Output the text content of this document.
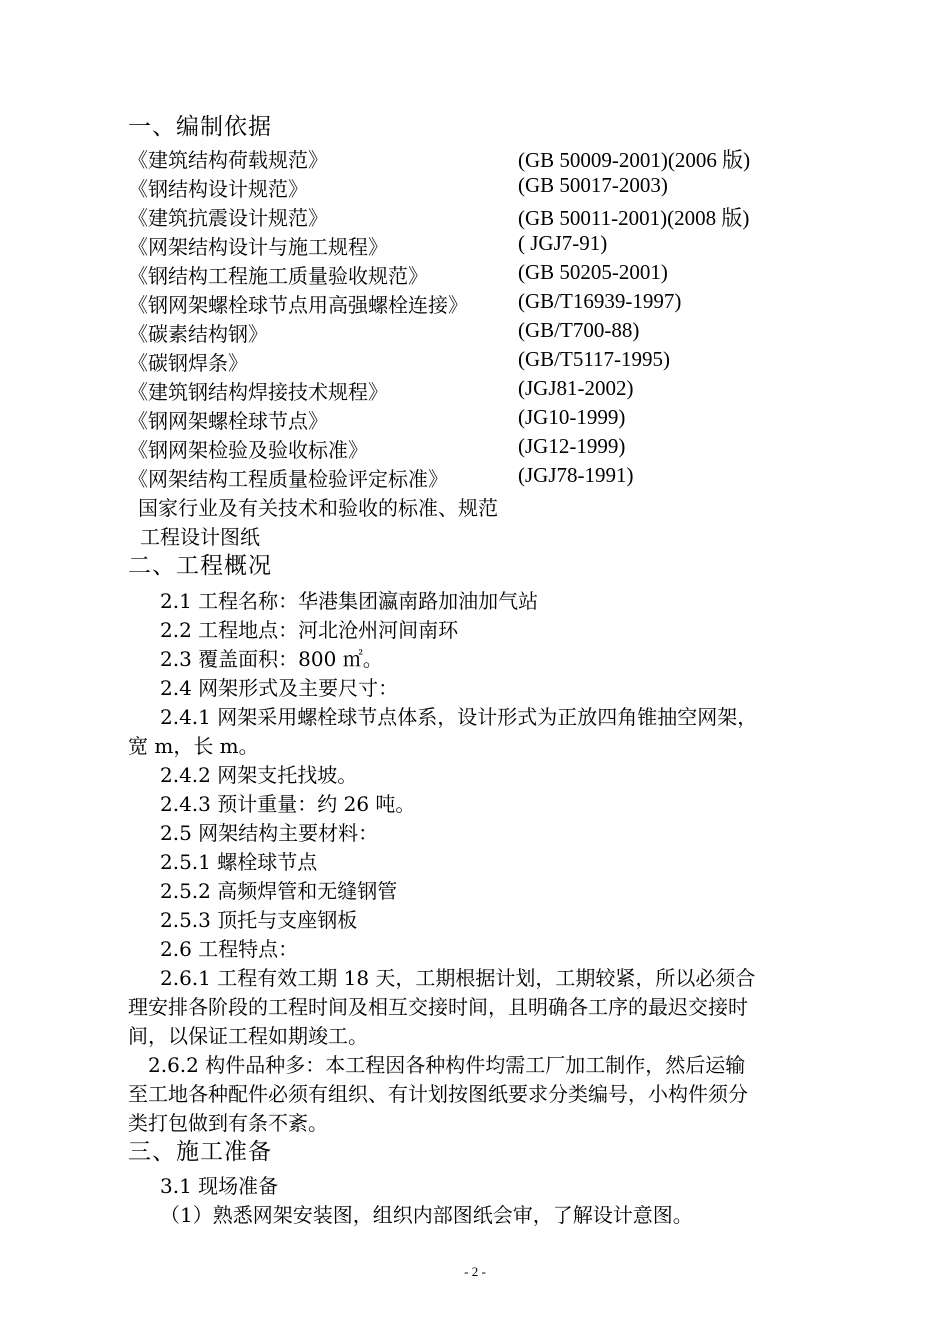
一、编制依据
《建筑结构荷载规范》	(GB 50009-2001)(2006 版)
《钢结构设计规范》	(GB 50017-2003)
《建筑抗震设计规范》	(GB 50011-2001)(2008 版)
《网架结构设计与施工规程》	( JGJ7-91)
《钢结构工程施工质量验收规范》	(GB 50205-2001)
《钢网架螺栓球节点用高强螺栓连接》 (GB/T16939-1997)
《碳素结构钢》	(GB/T700-88)
《碳钢焊条》	(GB/T5117-1995)
《建筑钢结构焊接技术规程》	(JGJ81-2002)
《钢网架螺栓球节点》	(JG10-1999)
《钢网架检验及验收标准》	(JG12-1999)
《网架结构工程质量检验评定标准》	(JGJ78-1991)
国家行业及有关技术和验收的标准、规范
工程设计图纸
二、工程概况
2.1 工程名称：华港集团瀛南路加油加气站
2.2 工程地点：河北沧州河间南环
2.3 覆盖面积：800 ㎡。
2.4 网架形式及主要尺寸：
2.4.1 网架采用螺栓球节点体系，设计形式为正放四角锥抽空网架，
宽 m，长 m。
2.4.2 网架支托找坡。
2.4.3 预计重量：约 26 吨。
2.5 网架结构主要材料：
2.5.1 螺栓球节点
2.5.2 高频焊管和无缝钢管
2.5.3 顶托与支座钢板
2.6 工程特点：
2.6.1 工程有效工期 18 天，工期根据计划，工期较紧，所以必须合
理安排各阶段的工程时间及相互交接时间，且明确各工序的最迟交接时
间，以保证工程如期竣工。
2.6.2 构件品种多：本工程因各种构件均需工厂加工制作，然后运输
至工地各种配件必须有组织、有计划按图纸要求分类编号，小构件须分
类打包做到有条不紊。
三、施工准备
3.1 现场准备
（1）熟悉网架安装图，组织内部图纸会审，了解设计意图。
- 2 -
